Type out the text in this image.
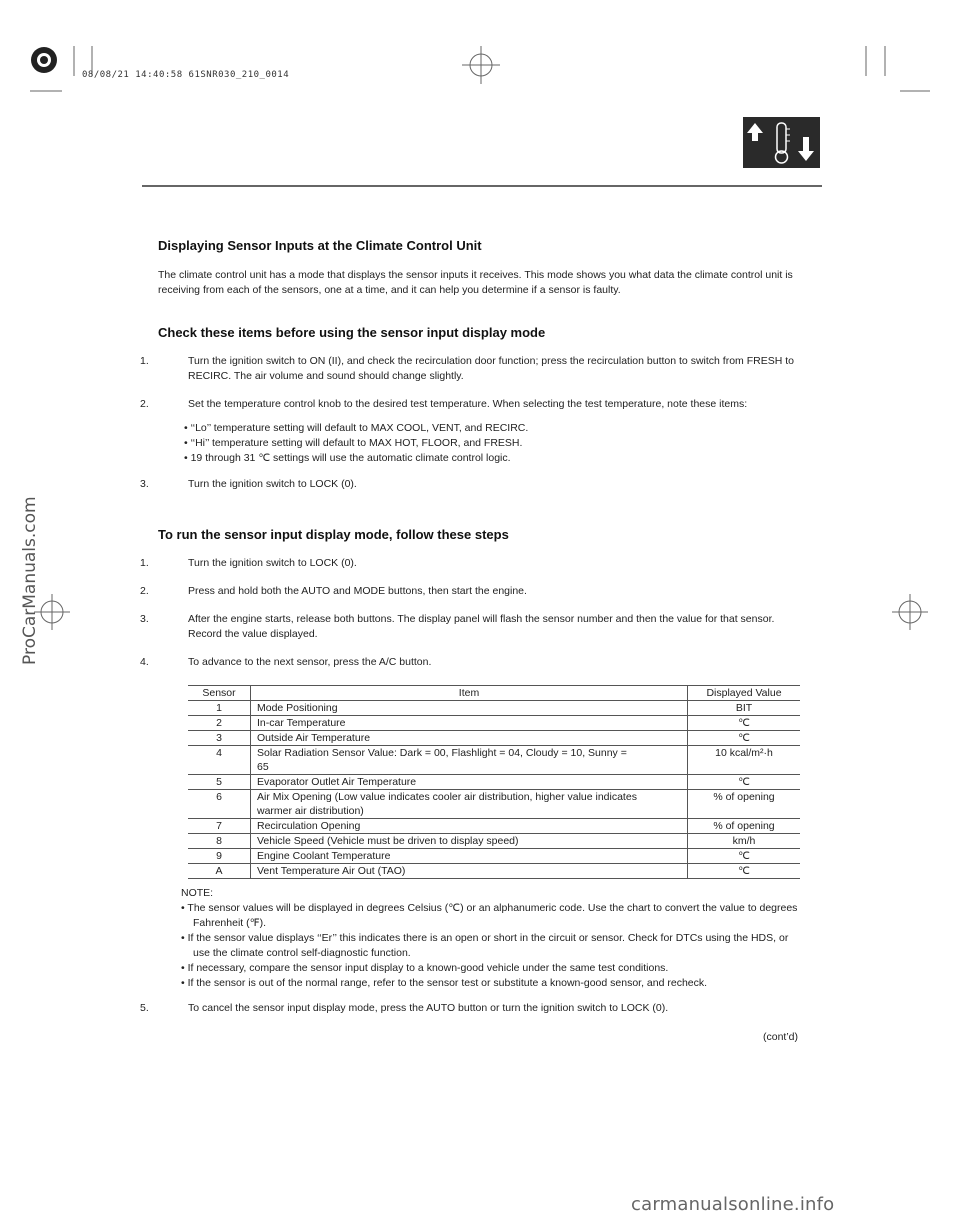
08/08/21 14:40:58 61SNR030_210_0014
ProCarManuals.com
Displaying Sensor Inputs at the Climate Control Unit
The climate control unit has a mode that displays the sensor inputs it receives. This mode shows you what data the climate control unit is receiving from each of the sensors, one at a time, and it can help you determine if a sensor is faulty.
Check these items before using the sensor input display mode
1.	Turn the ignition switch to ON (II), and check the recirculation door function; press the recirculation button to switch from FRESH to RECIRC. The air volume and sound should change slightly.
2.	Set the temperature control knob to the desired test temperature. When selecting the test temperature, note these items:
• ‘‘Lo’’ temperature setting will default to MAX COOL, VENT, and RECIRC.
• ‘‘Hi’’ temperature setting will default to MAX HOT, FLOOR, and FRESH.
• 19 through 31 ℃ settings will use the automatic climate control logic.
3.	Turn the ignition switch to LOCK (0).
To run the sensor input display mode, follow these steps
1.	Turn the ignition switch to LOCK (0).
2.	Press and hold both the AUTO and MODE buttons, then start the engine.
3.	After the engine starts, release both buttons. The display panel will flash the sensor number and then the value for that sensor. Record the value displayed.
4.	To advance to the next sensor, press the A/C button.
Sensor	Item	Displayed Value
1	Mode Positioning	BIT
2	In-car Temperature	℃
3	Outside Air Temperature	℃
4	Solar Radiation Sensor Value: Dark = 00, Flashlight = 04, Cloudy = 10, Sunny = 65	10 kcal/m²·h
5	Evaporator Outlet Air Temperature	℃
6	Air Mix Opening (Low value indicates cooler air distribution, higher value indicates warmer air distribution)	% of opening
7	Recirculation Opening	% of opening
8	Vehicle Speed (Vehicle must be driven to display speed)	km/h
9	Engine Coolant Temperature	℃
A	Vent Temperature Air Out (TAO)	℃
NOTE:
• The sensor values will be displayed in degrees Celsius (℃) or an alphanumeric code. Use the chart to convert the value to degrees Fahrenheit (℉).
• If the sensor value displays ‘‘Er’’ this indicates there is an open or short in the circuit or sensor. Check for DTCs using the HDS, or use the climate control self-diagnostic function.
• If necessary, compare the sensor input display to a known-good vehicle under the same test conditions.
• If the sensor is out of the normal range, refer to the sensor test or substitute a known-good sensor, and recheck.
5.	To cancel the sensor input display mode, press the AUTO button or turn the ignition switch to LOCK (0).
(cont’d)
carmanualsonline.info
